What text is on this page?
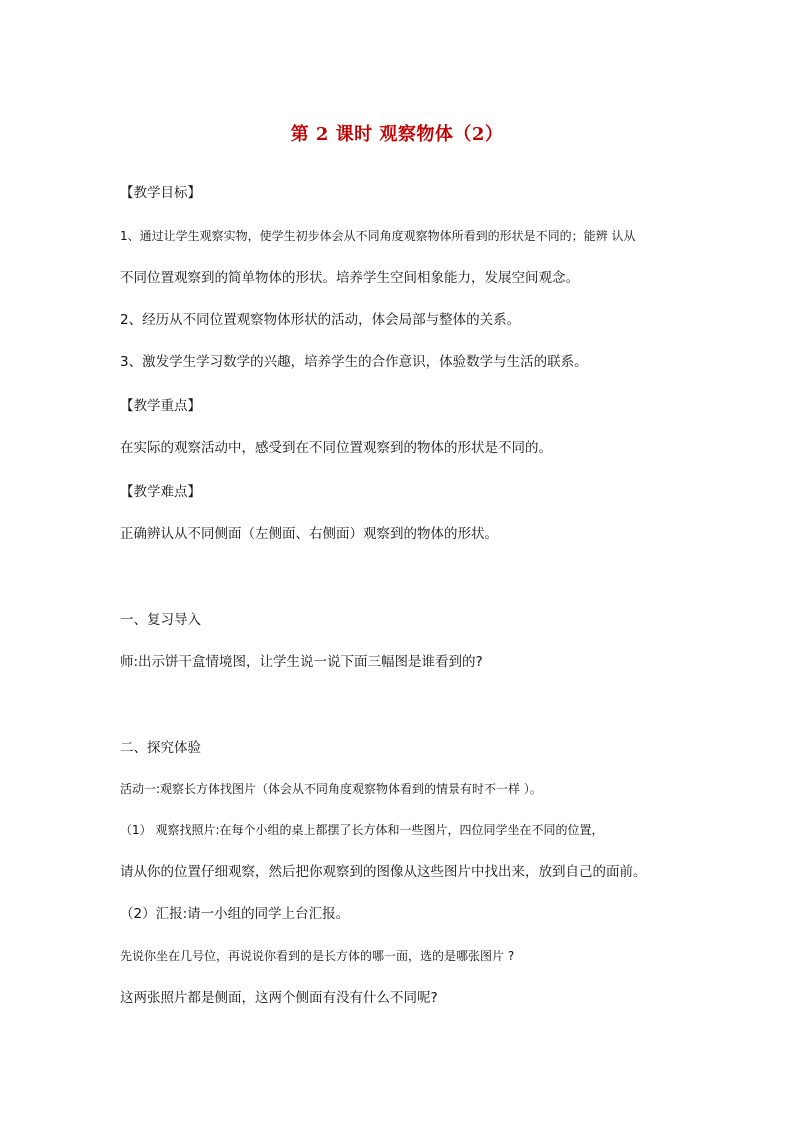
第 2 课时 观察物体（2）
【教学目标】
1、通过让学生观察实物，使学生初步体会从不同角度观察物体所看到的形状是不同的；能辨 认从
不同位置观察到的简单物体的形状。培养学生空间相象能力，发展空间观念。
2、经历从不同位置观察物体形状的活动，体会局部与整体的关系。
3、激发学生学习数学的兴趣，培养学生的合作意识，体验数学与生活的联系。
【教学重点】
在实际的观察活动中，感受到在不同位置观察到的物体的形状是不同的。
【教学难点】
正确辨认从不同侧面（左侧面、右侧面）观察到的物体的形状。
一、复习导入
师:出示饼干盒情境图，让学生说一说下面三幅图是谁看到的?
二、探究体验
活动一:观察长方体找图片（体会从不同角度观察物体看到的情景有时不一样 ）。
（1） 观察找照片:在每个小组的桌上都摆了长方体和一些图片，四位同学坐在不同的位置，
请从你的位置仔细观察，然后把你观察到的图像从这些图片中找出来，放到自己的面前。
（2）汇报:请一小组的同学上台汇报。
先说你坐在几号位，再说说你看到的是长方体的哪一面，选的是哪张图片 ?
这两张照片都是侧面，这两个侧面有没有什么不同呢?
